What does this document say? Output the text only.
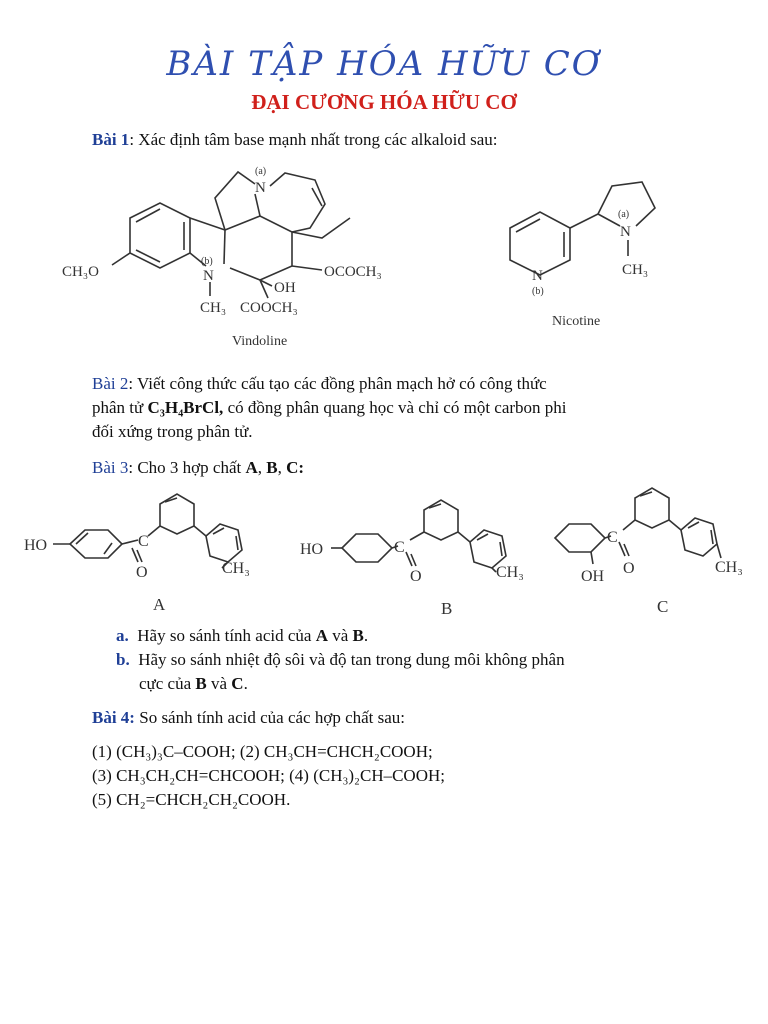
BÀI TẬP HÓA HỮU CƠ
ĐẠI CƯƠNG HÓA HỮU CƠ
Bài 1: Xác định tâm base mạnh nhất trong các alkaloid sau:
(a)
N
(b)
N
CH₃O	OCOCH₃
OH
CH₃ COOCH₃
Vindoline
(a)
N
CH₃
N
(b)
Nicotine
Bài 2: Viết công thức cấu tạo các đồng phân mạch hở có công thức
phân tử C₃H₄BrCl, có đồng phân quang học và chỉ có một carbon phi
đối xứng trong phân tử.
Bài 3: Cho 3 hợp chất A, B, C:
HO	C
O	CH₃
A
HO	C
O	CH₃
B
C
O
OH
CH₃
C
a. Hãy so sánh tính acid của A và B.
b. Hãy so sánh nhiệt độ sôi và độ tan trong dung môi không phân
cực của B và C.
Bài 4: So sánh tính acid của các hợp chất sau:
(1) (CH₃)₃C–COOH; (2) CH₃CH=CHCH₂COOH;
(3) CH₃CH₂CH=CHCOOH; (4) (CH₃)₂CH–COOH;
(5) CH₂=CHCH₂CH₂COOH.
